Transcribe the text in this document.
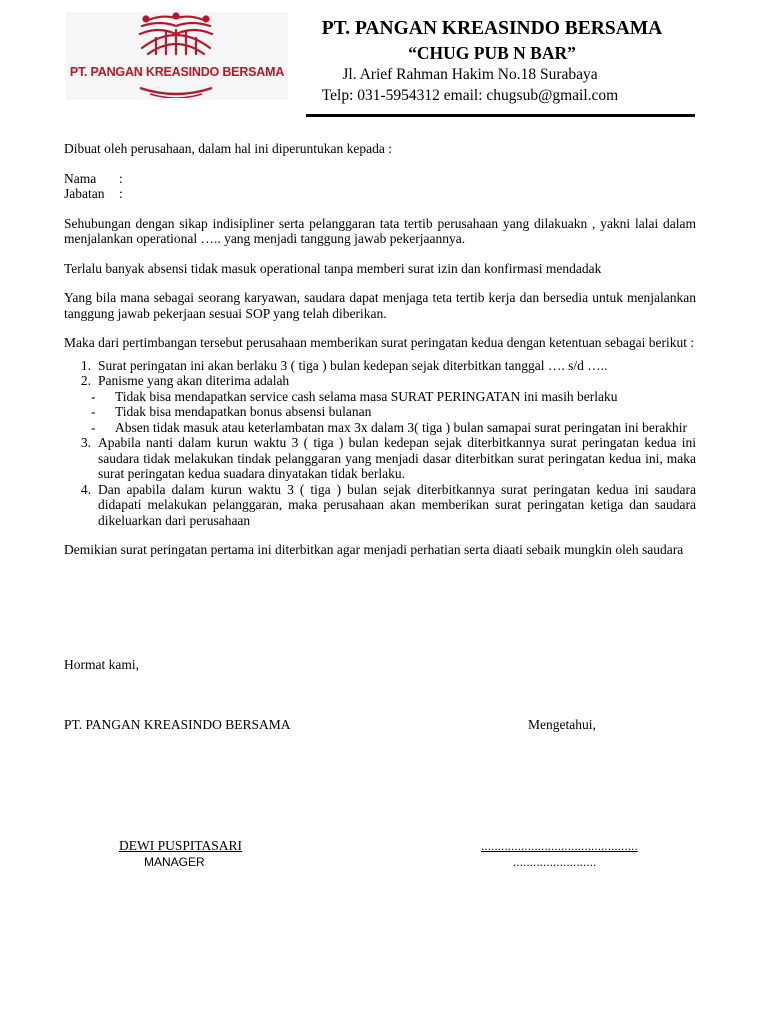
PT. PANGAN KREASINDO BERSAMA
PT. PANGAN KREASINDO BERSAMA
“CHUG PUB N BAR”
Jl. Arief Rahman Hakim No.18 Surabaya
Telp: 031-5954312 email: chugsub@gmail.com

Dibuat oleh perusahaan, dalam hal ini diperuntukan kepada :

Nama	:
Jabatan	:

Sehubungan dengan sikap indisipliner serta pelanggaran tata tertib perusahaan yang dilakuakn , yakni lalai dalam menjalankan operational ….. yang menjadi tanggung jawab pekerjaannya.

Terlalu banyak absensi tidak masuk operational tanpa memberi surat izin dan konfirmasi mendadak

Yang bila mana sebagai seorang karyawan, saudara dapat menjaga teta tertib kerja dan bersedia untuk menjalankan tanggung jawab pekerjaan sesuai SOP yang telah diberikan.

Maka dari pertimbangan tersebut perusahaan memberikan surat peringatan kedua dengan ketentuan sebagai berikut :

1. Surat peringatan ini akan berlaku 3 ( tiga ) bulan kedepan sejak diterbitkan tanggal …. s/d …..
2. Panisme yang akan diterima adalah
-	Tidak bisa mendapatkan service cash selama masa SURAT PERINGATAN ini masih berlaku
-	Tidak bisa mendapatkan bonus absensi bulanan
-	Absen tidak masuk atau keterlambatan max 3x dalam 3( tiga ) bulan samapai surat peringatan ini berakhir
3. Apabila nanti dalam kurun waktu 3 ( tiga ) bulan kedepan sejak diterbitkannya surat peringatan kedua ini saudara tidak melakukan tindak pelanggaran yang menjadi dasar diterbitkan surat peringatan kedua ini, maka surat peringatan kedua suadara dinyatakan tidak berlaku.
4. Dan apabila dalam kurun waktu 3 ( tiga ) bulan sejak diterbitkannya surat peringatan kedua ini saudara didapati melakukan pelanggaran, maka perusahaan akan memberikan surat peringatan ketiga dan saudara dikeluarkan dari perusahaan

Demikian surat peringatan pertama ini diterbitkan agar menjadi perhatian serta diaati sebaik mungkin oleh saudara

Hormat kami,
PT. PANGAN KREASINDO BERSAMA	Mengetahui,
DEWI PUSPITASARI
MANAGER
...............................................
.........................
